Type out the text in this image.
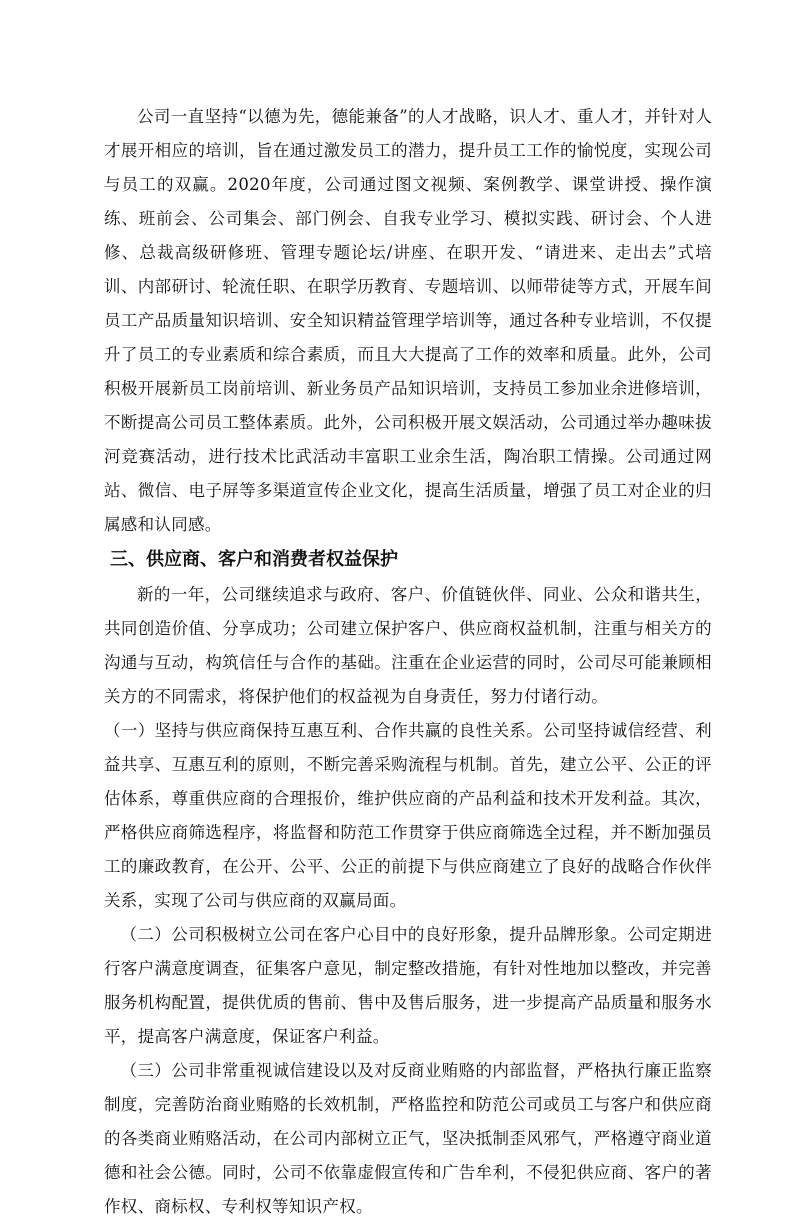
公司一直坚持“以德为先，德能兼备”的人才战略，识人才、重人才，并针对人才展开相应的培训，旨在通过激发员工的潜力，提升员工工作的愉悦度，实现公司与员工的双赢。2020年度，公司通过图文视频、案例教学、课堂讲授、操作演练、班前会、公司集会、部门例会、自我专业学习、模拟实践、研讨会、个人进修、总裁高级研修班、管理专题论坛/讲座、在职开发、“请进来、走出去”式培训、内部研讨、轮流任职、在职学历教育、专题培训、以师带徒等方式，开展车间员工产品质量知识培训、安全知识精益管理学培训等，通过各种专业培训，不仅提升了员工的专业素质和综合素质，而且大大提高了工作的效率和质量。此外，公司积极开展新员工岗前培训、新业务员产品知识培训，支持员工参加业余进修培训，不断提高公司员工整体素质。此外，公司积极开展文娱活动，公司通过举办趣味拔河竞赛活动，进行技术比武活动丰富职工业余生活，陶冶职工情操。公司通过网站、微信、电子屏等多渠道宣传企业文化，提高生活质量，增强了员工对企业的归属感和认同感。

三、供应商、客户和消费者权益保护

新的一年，公司继续追求与政府、客户、价值链伙伴、同业、公众和谐共生，共同创造价值、分享成功；公司建立保护客户、供应商权益机制，注重与相关方的沟通与互动，构筑信任与合作的基础。注重在企业运营的同时，公司尽可能兼顾相关方的不同需求，将保护他们的权益视为自身责任，努力付诸行动。

（一）坚持与供应商保持互惠互利、合作共赢的良性关系。公司坚持诚信经营、利益共享、互惠互利的原则，不断完善采购流程与机制。首先，建立公平、公正的评估体系，尊重供应商的合理报价，维护供应商的产品利益和技术开发利益。其次，严格供应商筛选程序，将监督和防范工作贯穿于供应商筛选全过程，并不断加强员工的廉政教育，在公开、公平、公正的前提下与供应商建立了良好的战略合作伙伴关系，实现了公司与供应商的双赢局面。

（二）公司积极树立公司在客户心目中的良好形象，提升品牌形象。公司定期进行客户满意度调查，征集客户意见，制定整改措施，有针对性地加以整改，并完善服务机构配置，提供优质的售前、售中及售后服务，进一步提高产品质量和服务水平，提高客户满意度，保证客户利益。

（三）公司非常重视诚信建设以及对反商业贿赂的内部监督，严格执行廉正监察制度，完善防治商业贿赂的长效机制，严格监控和防范公司或员工与客户和供应商的各类商业贿赂活动，在公司内部树立正气，坚决抵制歪风邪气，严格遵守商业道德和社会公德。同时，公司不依靠虚假宣传和广告牟利，不侵犯供应商、客户的著作权、商标权、专利权等知识产权。
